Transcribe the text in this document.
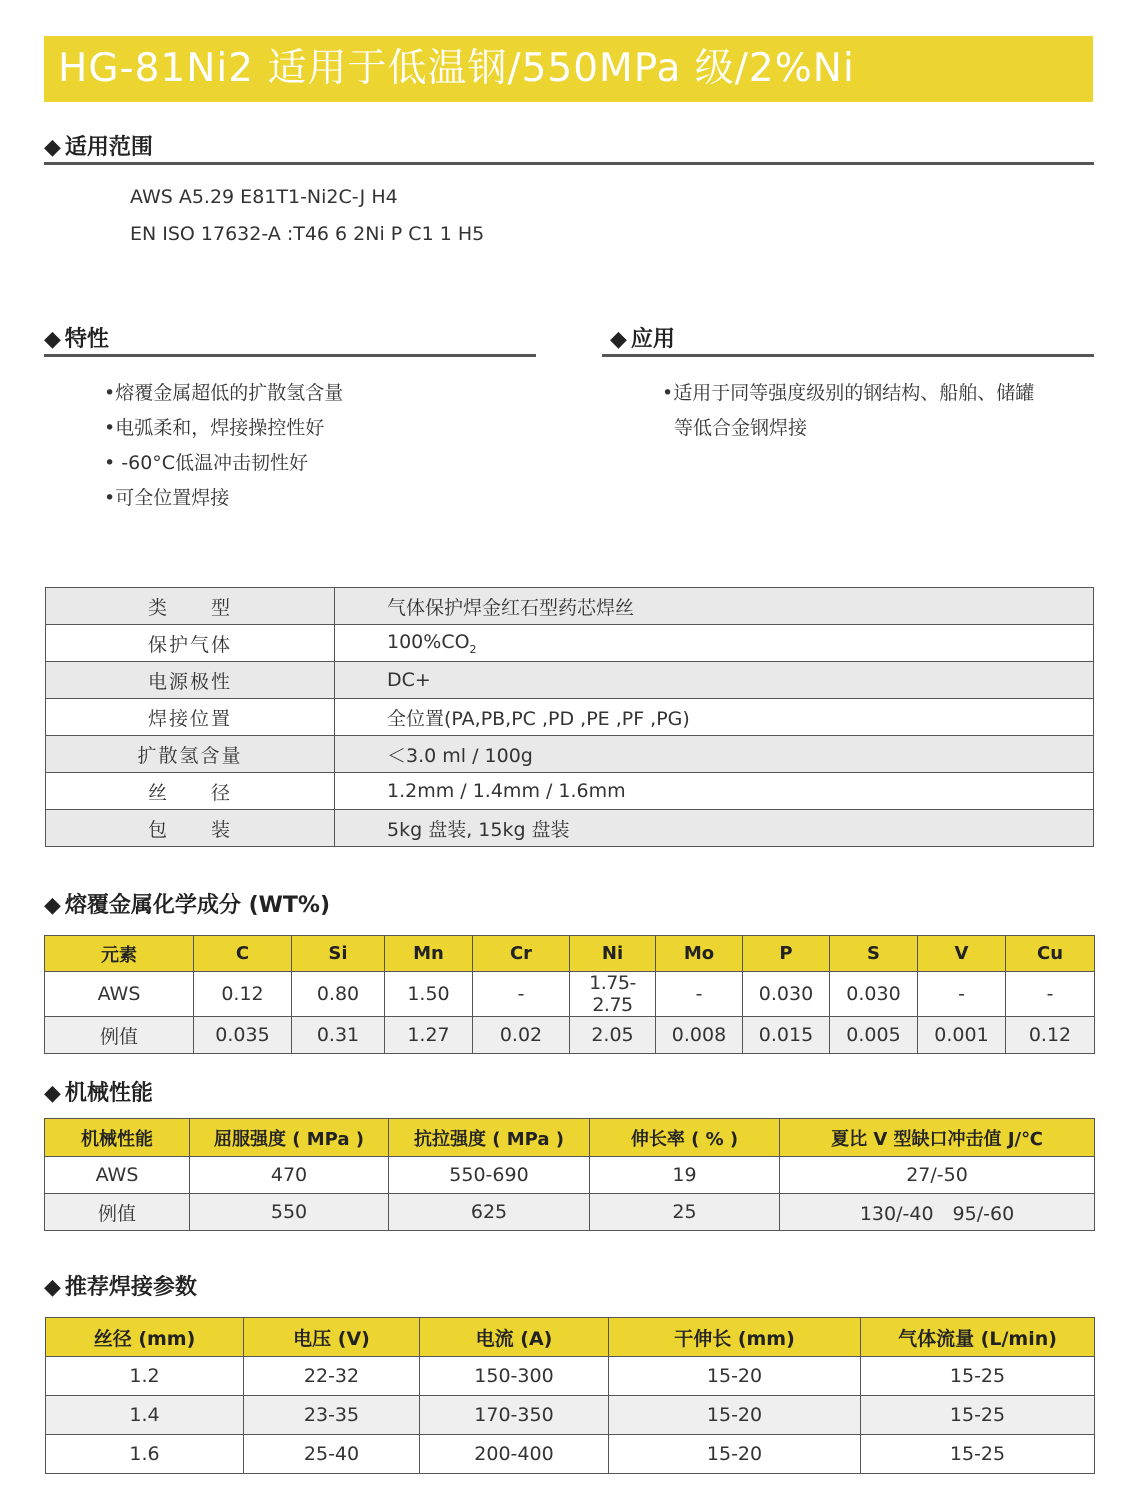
HG-81Ni2 适用于低温钢/550MPa 级/2%Ni
◆ 适用范围
AWS A5.29 E81T1-Ni2C-J H4
EN ISO 17632-A :T46 6 2Ni P C1 1 H5
◆ 特性
•熔覆金属超低的扩散氢含量
•电弧柔和，焊接操控性好
• -60°C低温冲击韧性好
•可全位置焊接
◆ 应用
•适用于同等强度级别的钢结构、船舶、储罐
等低合金钢焊接
类　　型	气体保护焊金红石型药芯焊丝
保护气体	$100\%CO_2$
电源极性	DC+
焊接位置	全位置(PA,PB,PC ,PD ,PE ,PF ,PG)
扩散氢含量	＜3.0 ml / 100g
丝　　径	1.2mm / 1.4mm / 1.6mm
包　　装	5kg 盘装, 15kg 盘装
◆ 熔覆金属化学成分 (WT%)
元素	C	Si	Mn	Cr	Ni	Mo	P	S	V	Cu
AWS	0.12	0.80	1.50	-	1.75-2.75	-	0.030	0.030	-	-
例值	0.035	0.31	1.27	0.02	2.05	0.008	0.015	0.005	0.001	0.12
◆ 机械性能
机械性能	屈服强度 ( MPa )	抗拉强度 ( MPa )	伸长率 ( % )	夏比 V 型缺口冲击值 J/℃
AWS	470	550-690	19	27/-50
例值	550	625	25	130/-40　95/-60
◆ 推荐焊接参数
丝径 (mm)	电压 (V)	电流 (A)	干伸长 (mm)	气体流量 (L/min)
1.2	22-32	150-300	15-20	15-25
1.4	23-35	170-350	15-20	15-25
1.6	25-40	200-400	15-20	15-25
